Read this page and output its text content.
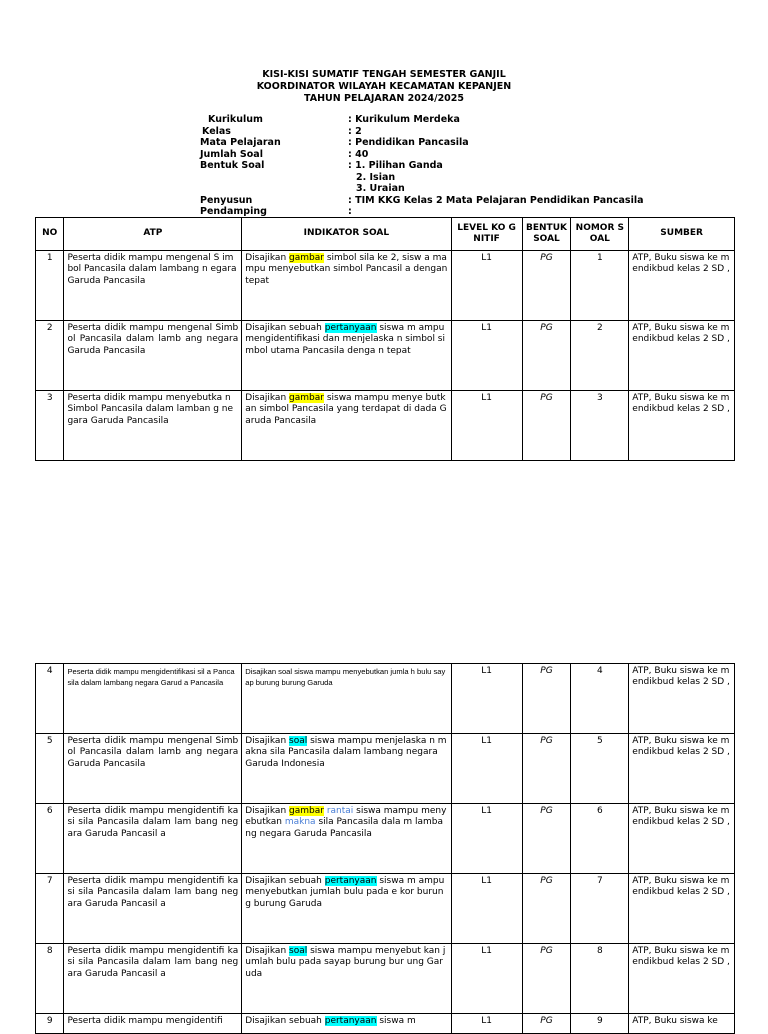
KISI-KISI SUMATIF TENGAH SEMESTER GANJIL
KOORDINATOR WILAYAH KECAMATAN KEPANJEN
TAHUN PELAJARAN 2024/2025
Kurikulum	: Kurikulum Merdeka
Kelas	: 2
Mata Pelajaran	: Pendidikan Pancasila
Jumlah Soal	: 40
Bentuk Soal	: 1. Pilihan Ganda
2. Isian
3. Uraian
Penyusun	: TIM KKG Kelas 2 Mata Pelajaran Pendidikan Pancasila
Pendamping	:
NO	ATP	INDIKATOR SOAL	LEVEL KO GNITIF	BENTUK SOAL	NOMOR SOAL	SUMBER
1	Peserta didik mampu mengenal S imbol Pancasila dalam lambang n egara Garuda Pancasila	Disajikan gambar simbol sila ke 2, sisw a mampu menyebutkan simbol Pancasil a dengan tepat	L1	PG	1	ATP, Buku siswa ke mendikbud kelas 2 SD ,
2	Peserta didik mampu mengenal Simbol Pancasila dalam lamb ang negara Garuda Pancasila	Disajikan sebuah pertanyaan siswa m ampu mengidentifikasi dan menjelaska n simbol simbol utama Pancasila denga n tepat	L1	PG	2	ATP, Buku siswa ke mendikbud kelas 2 SD ,
3	Peserta didik mampu menyebutka n Simbol Pancasila dalam lamban g negara Garuda Pancasila	Disajikan gambar siswa mampu menye butkan simbol Pancasila yang terdapat di dada Garuda Pancasila	L1	PG	3	ATP, Buku siswa ke mendikbud kelas 2 SD ,
4	Peserta didik mampu mengidentifikasi sil a Pancasila dalam lambang negara Garud a Pancasila	Disajikan soal siswa mampu menyebutkan jumla h bulu sayap burung burung Garuda	L1	PG	4	ATP, Buku siswa ke mendikbud kelas 2 SD ,
5	Peserta didik mampu mengenal Simbol Pancasila dalam lamb ang negara Garuda Pancasila	Disajikan soal siswa mampu menjelaska n makna sila Pancasila dalam lambang negara Garuda Indonesia	L1	PG	5	ATP, Buku siswa ke mendikbud kelas 2 SD ,
6	Peserta didik mampu mengidentifi kasi sila Pancasila dalam lam bang negara Garuda Pancasil a	Disajikan gambar rantai siswa mampu menyebutkan makna sila Pancasila dala m lambang negara Garuda Pancasila	L1	PG	6	ATP, Buku siswa ke mendikbud kelas 2 SD ,
7	Peserta didik mampu mengidentifi kasi sila Pancasila dalam lam bang negara Garuda Pancasil a	Disajikan sebuah pertanyaan siswa m ampu menyebutkan jumlah bulu pada e kor burung burung Garuda	L1	PG	7	ATP, Buku siswa ke mendikbud kelas 2 SD ,
8	Peserta didik mampu mengidentifi kasi sila Pancasila dalam lam bang negara Garuda Pancasil a	Disajikan soal siswa mampu menyebut kan jumlah bulu pada sayap burung bur ung Garuda	L1	PG	8	ATP, Buku siswa ke mendikbud kelas 2 SD ,
9	Peserta didik mampu mengidentifi	Disajikan sebuah pertanyaan siswa m	L1	PG	9	ATP, Buku siswa ke
